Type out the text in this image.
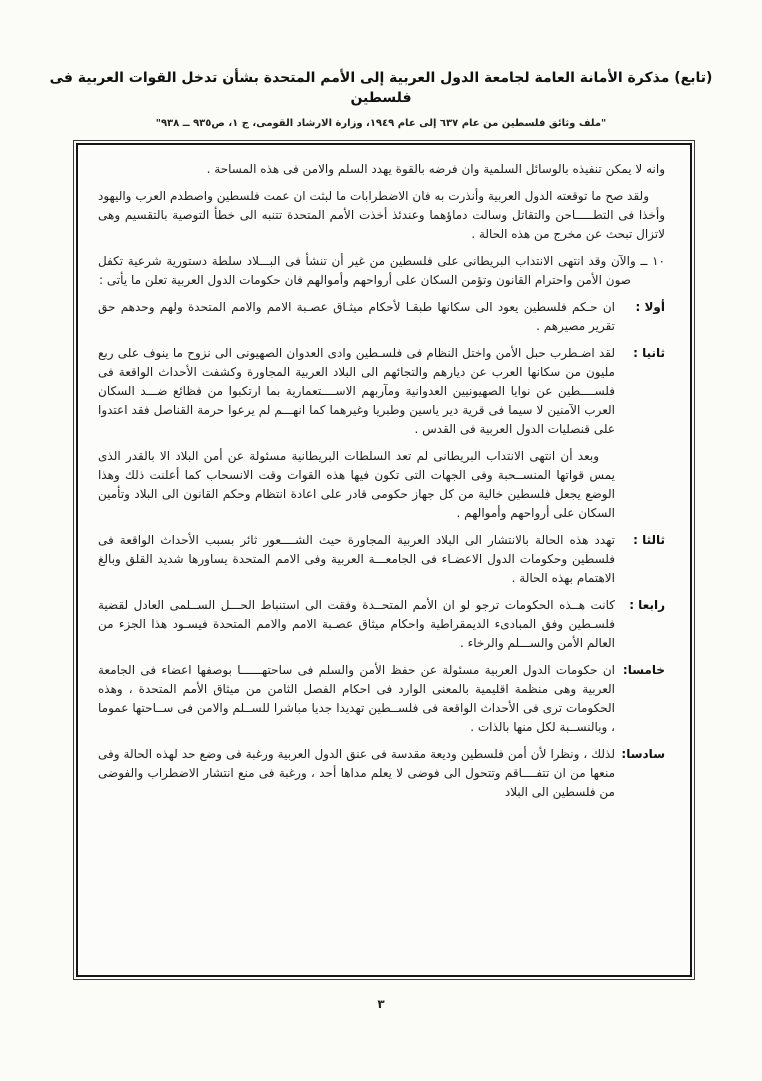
(تابع) مذكرة الأمانة العامة لجامعة الدول العربية إلى الأمم المتحدة بشأن تدخل القوات العربية فى فلسطين
"ملف وثائق فلسطين من عام ٦٣٧ إلى عام ١٩٤٩، وزارة الارشاد القومى، ج ١، ص٩٣٥ ــ ٩٣٨"

وانه لا يمكن تنفيذه بالوسائل السلمية وان فرضه بالقوة يهدد السلم والامن فى هذه المساحة .

ولقد صح ما توقعته الدول العربية وأنذرت به فان الاضطرابات ما لبثت ان عمت فلسطين واصطدم العرب واليهود وأخذا فى التطـــــاحن والتقاتل وسالت دماؤهما وعندئذ أخذت الأمم المتحدة تتنبه الى خطأ التوصية بالتقسيم وهى لاتزال تبحث عن مخرج من هذه الحالة .

١٠ ــ والآن وقد انتهى الانتداب البريطانى على فلسطين من غير أن تنشأ فى البـــلاد سلطة دستورية شرعية تكفل صون الأمن واحترام القانون وتؤمن السكان على أرواحهم وأموالهم فان حكومات الدول العربية تعلن ما يأتى :

أولا :

ان حـكم فلسطين يعود الى سكانها طبقـا لأحكام ميثـاق عصـبة الامم والامم المتحدة ولهم وحدهم حق تقرير مصيرهم .

ثانيا :

لقد اضـطرب حبل الأمن واختل النظام فى فلسـطين وادى العدوان الصهيونى الى نزوح ما ينوف على ربع مليون من سكانها العرب عن ديارهم والتجائهم الى البلاد العربية المجاورة وكشفت الأحداث الواقعة فى فلســــطين عن نوايا الصهيونيين العدوانية ومآربهم الاســــتعمارية بما ارتكبوا من فظائع ضـــد السكان العرب الآمنين لا سيما فى قرية دير ياسين وطبريا وغيرهما كما انهـــم لم يرعوا حرمة القناصل فقد اعتدوا على قنصليات الدول العربية فى القدس .

وبعد أن انتهى الانتداب البريطانى لم تعد السلطات البريطانية مسئولة عن أمن البلاد الا بالقدر الذى يمس قواتها المنســحبة وفى الجهات التى تكون فيها هذه القوات وقت الانسحاب كما أعلنت ذلك وهذا الوضع يجعل فلسطين خالية من كل جهاز حكومى قادر على اعادة انتظام وحكم القانون الى البلاد وتأمين السكان على أرواحهم وأموالهم .

ثالثا :

تهدد هذه الحالة بالانتشار الى البلاد العربية المجاورة حيث الشــــعور ثائر بسبب الأحداث الواقعة فى فلسطين وحكومات الدول الاعضـاء فى الجامعـــة العربية وفى الامم المتحدة يساورها شديد القلق وبالغ الاهتمام بهذه الحالة .

رابعا :

كانت هــذه الحكومات ترجو لو ان الأمم المتحــدة وفقت الى استنباط الحـــل الســلمى العادل لقضية فلسـطين وفق المبادىء الديمقراطية واحكام ميثاق عصـبة الامم والامم المتحدة فيسـود هذا الجزء من العالم الأمن والســـلم والرخاء .

خامسا:

ان حكومات الدول العربية مسئولة عن حفظ الأمن والسلم فى ساحتهــــــا بوصفها اعضاء فى الجامعة العربية وهى منظمة اقليمية بالمعنى الوارد فى احكام الفصل الثامن من ميثاق الأمم المتحدة ، وهذه الحكومات ترى فى الأحداث الواقعة فى فلســطين تهديدا جديا مباشرا للســلم والامن فى ســاحتها عموما ، وبالنســبة لكل منها بالذات .

سادسا:

لذلك ، ونظرا لأن أمن فلسطين وديعة مقدسة فى عنق الدول العربية ورغبة فى وضع حد لهذه الحالة وفى منعها من ان تتفــــاقم وتتحول الى فوضى لا يعلم مداها أحد ، ورغبة فى منع انتشار الاضطراب والفوضى من فلسطين الى البلاد

٣
